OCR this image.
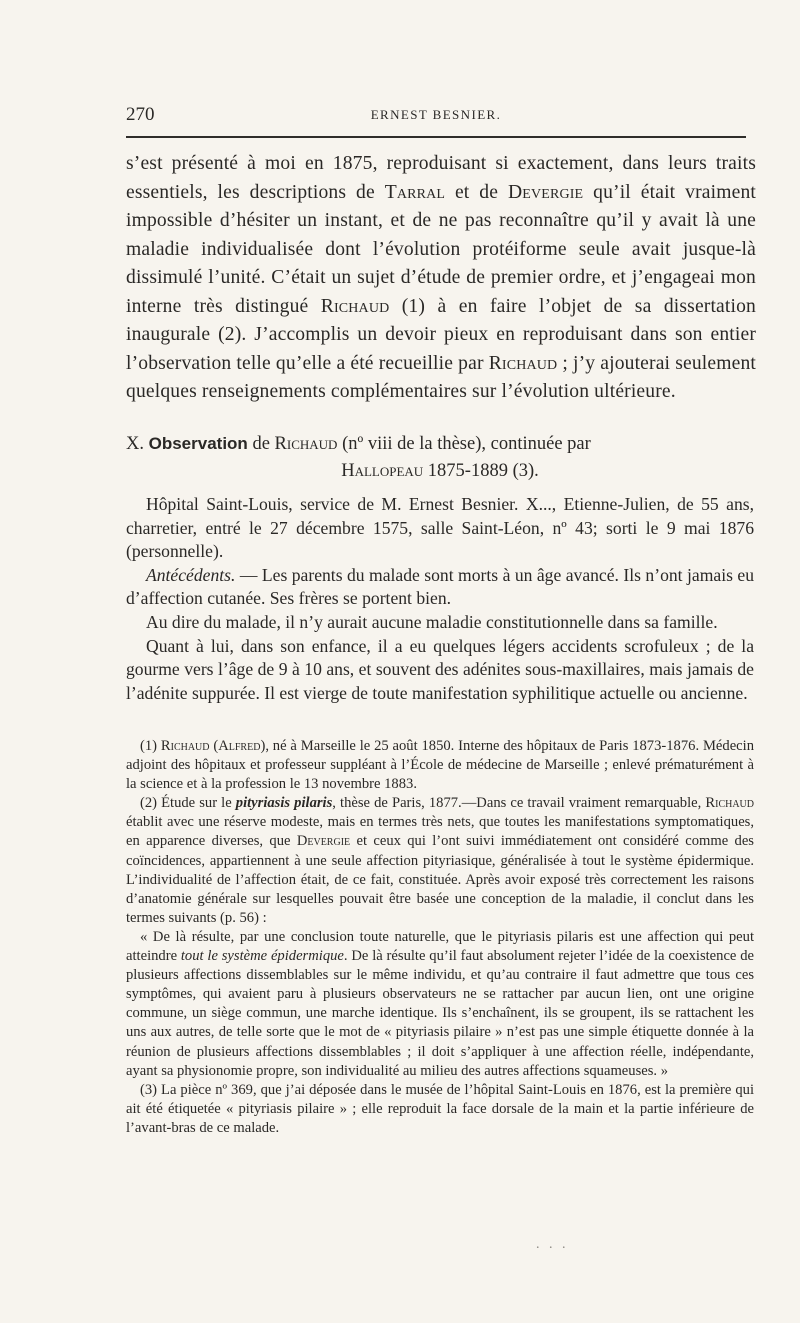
270	ERNEST BESNIER.

s’est présenté à moi en 1875, reproduisant si exactement, dans leurs traits essentiels, les descriptions de Tarral et de Devergie qu’il était vraiment impossible d’hésiter un instant, et de ne pas reconnaître qu’il y avait là une maladie individualisée dont l’évolution protéiforme seule avait jusque-là dissimulé l’unité. C’était un sujet d’étude de premier ordre, et j’engageai mon interne très distingué Richaud (1) à en faire l’objet de sa dissertation inaugurale (2). J’accomplis un devoir pieux en reproduisant dans son entier l’observation telle qu’elle a été recueillie par Richaud ; j’y ajouterai seulement quelques renseignements complémentaires sur l’évolution ultérieure.

X. Observation de Richaud (nº viii de la thèse), continuée par
Hallopeau 1875-1889 (3).

Hôpital Saint-Louis, service de M. Ernest Besnier. X..., Etienne-Julien, de 55 ans, charretier, entré le 27 décembre 1575, salle Saint-Léon, nº 43; sorti le 9 mai 1876 (personnelle).

Antécédents. — Les parents du malade sont morts à un âge avancé. Ils n’ont jamais eu d’affection cutanée. Ses frères se portent bien.

Au dire du malade, il n’y aurait aucune maladie constitutionnelle dans sa famille.

Quant à lui, dans son enfance, il a eu quelques légers accidents scrofuleux ; de la gourme vers l’âge de 9 à 10 ans, et souvent des adénites sous-maxillaires, mais jamais de l’adénite suppurée. Il est vierge de toute manifestation syphilitique actuelle ou ancienne.

(1) Richaud (Alfred), né à Marseille le 25 août 1850. Interne des hôpitaux de Paris 1873-1876. Médecin adjoint des hôpitaux et professeur suppléant à l’École de médecine de Marseille ; enlevé prématurément à la science et à la profession le 13 novembre 1883.

(2) Étude sur le pityriasis pilaris, thèse de Paris, 1877.—Dans ce travail vraiment remarquable, Richaud établit avec une réserve modeste, mais en termes très nets, que toutes les manifestations symptomatiques, en apparence diverses, que Devergie et ceux qui l’ont suivi immédiatement ont considéré comme des coïncidences, appartiennent à une seule affection pityriasique, généralisée à tout le système épidermique. L’individualité de l’affection était, de ce fait, constituée. Après avoir exposé très correctement les raisons d’anatomie générale sur lesquelles pouvait être basée une conception de la maladie, il conclut dans les termes suivants (p. 56) :

« De là résulte, par une conclusion toute naturelle, que le pityriasis pilaris est une affection qui peut atteindre tout le système épidermique. De là résulte qu’il faut absolument rejeter l’idée de la coexistence de plusieurs affections dissemblables sur le même individu, et qu’au contraire il faut admettre que tous ces symptômes, qui avaient paru à plusieurs observateurs ne se rattacher par aucun lien, ont une origine commune, un siège commun, une marche identique. Ils s’enchaînent, ils se groupent, ils se rattachent les uns aux autres, de telle sorte que le mot de « pityriasis pilaire » n’est pas une simple étiquette donnée à la réunion de plusieurs affections dissemblables ; il doit s’appliquer à une affection réelle, indépendante, ayant sa physionomie propre, son individualité au milieu des autres affections squameuses. »

(3) La pièce nº 369, que j’ai déposée dans le musée de l’hôpital Saint-Louis en 1876, est la première qui ait été étiquetée « pityriasis pilaire » ; elle reproduit la face dorsale de la main et la partie inférieure de l’avant-bras de ce malade.

. . .
